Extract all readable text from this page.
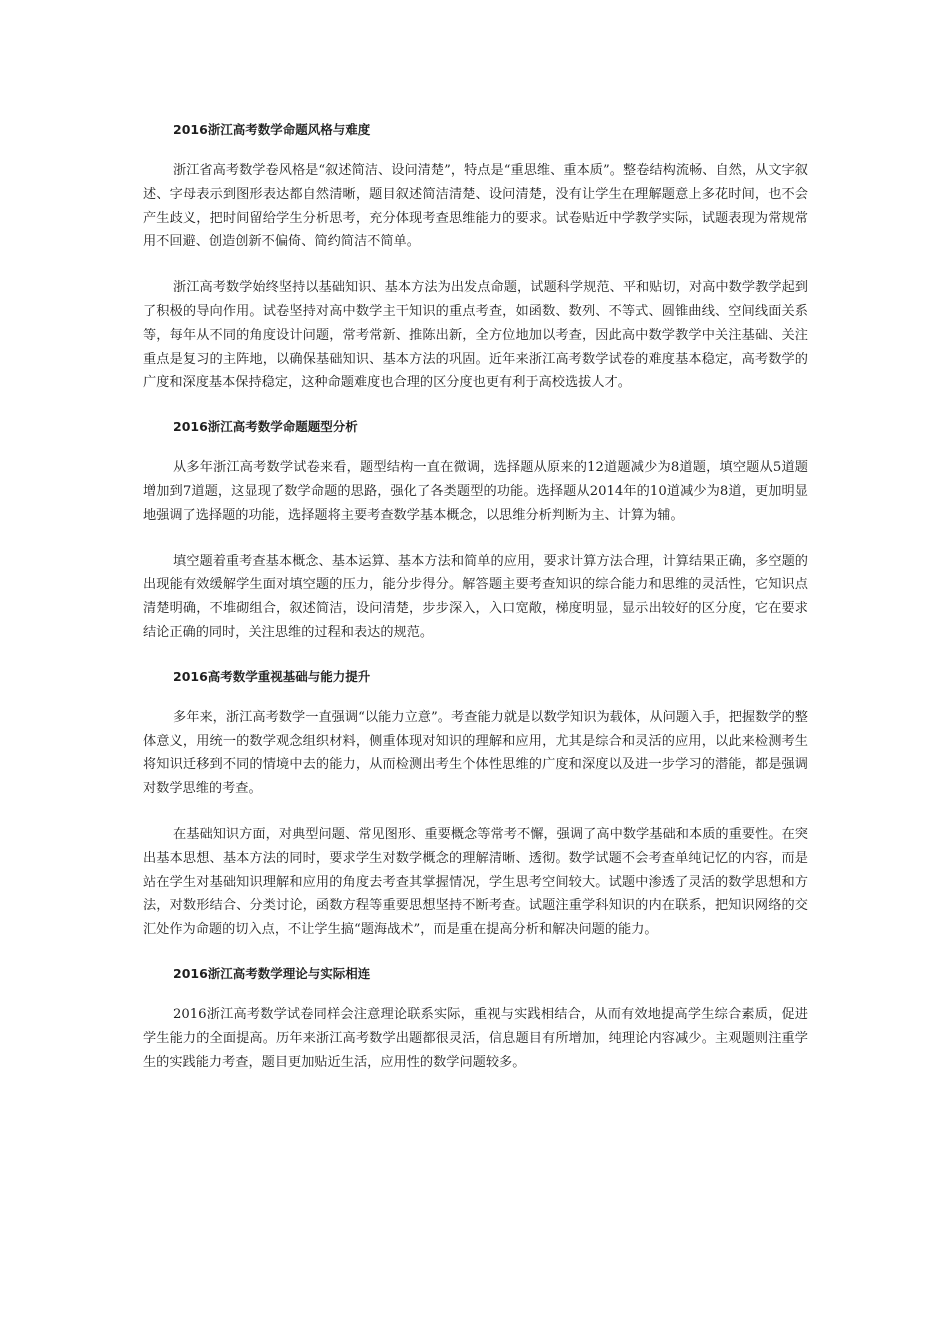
2016浙江高考数学命题风格与难度

浙江省高考数学卷风格是“叙述简洁、设问清楚”，特点是“重思维、重本质”。整卷结构流畅、自然，从文字叙述、字母表示到图形表达都自然清晰，题目叙述简洁清楚、设问清楚，没有让学生在理解题意上多花时间，也不会产生歧义，把时间留给学生分析思考，充分体现考查思维能力的要求。试卷贴近中学教学实际，试题表现为常规常用不回避、创造创新不偏倚、简约简洁不简单。

浙江高考数学始终坚持以基础知识、基本方法为出发点命题，试题科学规范、平和贴切，对高中数学教学起到了积极的导向作用。试卷坚持对高中数学主干知识的重点考查，如函数、数列、不等式、圆锥曲线、空间线面关系等，每年从不同的角度设计问题，常考常新、推陈出新，全方位地加以考查，因此高中数学教学中关注基础、关注重点是复习的主阵地，以确保基础知识、基本方法的巩固。近年来浙江高考数学试卷的难度基本稳定，高考数学的广度和深度基本保持稳定，这种命题难度也合理的区分度也更有利于高校选拔人才。

2016浙江高考数学命题题型分析

从多年浙江高考数学试卷来看，题型结构一直在微调，选择题从原来的12道题减少为8道题，填空题从5道题增加到7道题，这显现了数学命题的思路，强化了各类题型的功能。选择题从2014年的10道减少为8道，更加明显地强调了选择题的功能，选择题将主要考查数学基本概念，以思维分析判断为主、计算为辅。

填空题着重考查基本概念、基本运算、基本方法和简单的应用，要求计算方法合理，计算结果正确，多空题的出现能有效缓解学生面对填空题的压力，能分步得分。解答题主要考查知识的综合能力和思维的灵活性，它知识点清楚明确，不堆砌组合，叙述简洁，设问清楚，步步深入，入口宽敞，梯度明显，显示出较好的区分度，它在要求结论正确的同时，关注思维的过程和表达的规范。

2016高考数学重视基础与能力提升

多年来，浙江高考数学一直强调“以能力立意”。考查能力就是以数学知识为载体，从问题入手，把握数学的整体意义，用统一的数学观念组织材料，侧重体现对知识的理解和应用，尤其是综合和灵活的应用，以此来检测考生将知识迁移到不同的情境中去的能力，从而检测出考生个体性思维的广度和深度以及进一步学习的潜能，都是强调对数学思维的考查。

在基础知识方面，对典型问题、常见图形、重要概念等常考不懈，强调了高中数学基础和本质的重要性。在突出基本思想、基本方法的同时，要求学生对数学概念的理解清晰、透彻。数学试题不会考查单纯记忆的内容，而是站在学生对基础知识理解和应用的角度去考查其掌握情况，学生思考空间较大。试题中渗透了灵活的数学思想和方法，对数形结合、分类讨论，函数方程等重要思想坚持不断考查。试题注重学科知识的内在联系，把知识网络的交汇处作为命题的切入点，不让学生搞“题海战术”，而是重在提高分析和解决问题的能力。

2016浙江高考数学理论与实际相连

2016浙江高考数学试卷同样会注意理论联系实际，重视与实践相结合，从而有效地提高学生综合素质，促进学生能力的全面提高。历年来浙江高考数学出题都很灵活，信息题目有所增加，纯理论内容减少。主观题则注重学生的实践能力考查，题目更加贴近生活，应用性的数学问题较多。
